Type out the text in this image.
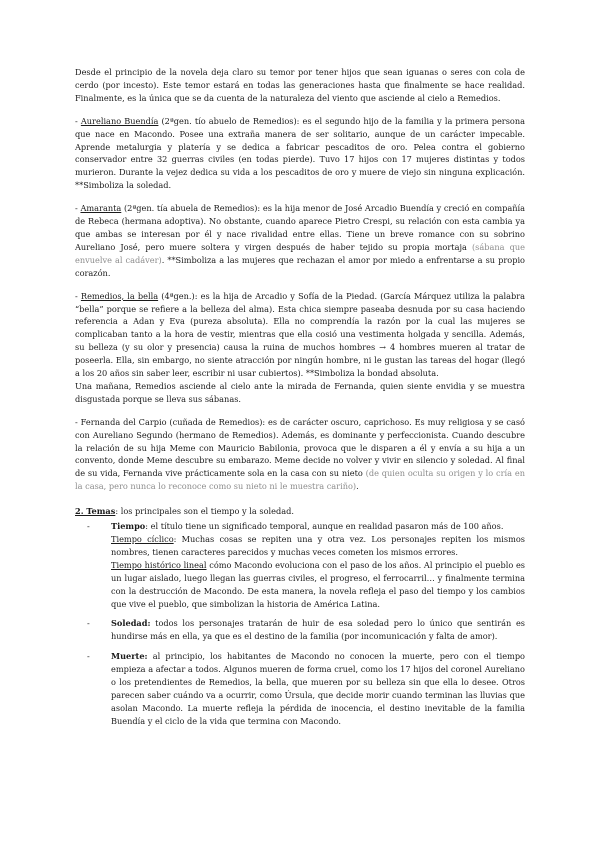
Desde el principio de la novela deja claro su temor por tener hijos que sean iguanas o seres con cola de cerdo (por incesto). Este temor estará en todas las generaciones hasta que finalmente se hace realidad. Finalmente, es la única que se da cuenta de la naturaleza del viento que asciende al cielo a Remedios.

- Aureliano Buendía (2ªgen. tío abuelo de Remedios): es el segundo hijo de la familia y la primera persona que nace en Macondo. Posee una extraña manera de ser solitario, aunque de un carácter impecable. Aprende metalurgia y platería y se dedica a fabricar pescaditos de oro. Pelea contra el gobierno conservador entre 32 guerras civiles (en todas pierde). Tuvo 17 hijos con 17 mujeres distintas y todos murieron. Durante la vejez dedica su vida a los pescaditos de oro y muere de viejo sin ninguna explicación. **Simboliza la soledad.

- Amaranta (2ªgen. tía abuela de Remedios): es la hija menor de José Arcadio Buendía y creció en compañía de Rebeca (hermana adoptiva). No obstante, cuando aparece Pietro Crespi, su relación con esta cambia ya que ambas se interesan por él y nace rivalidad entre ellas. Tiene un breve romance con su sobrino Aureliano José, pero muere soltera y virgen después de haber tejido su propia mortaja (sábana que envuelve al cadáver). **Simboliza a las mujeres que rechazan el amor por miedo a enfrentarse a su propio corazón.

- Remedios, la bella (4ªgen.): es la hija de Arcadio y Sofía de la Piedad. (García Márquez utiliza la palabra “bella” porque se refiere a la belleza del alma). Esta chica siempre paseaba desnuda por su casa haciendo referencia a Adan y Eva (pureza absoluta). Ella no comprendía la razón por la cual las mujeres se complicaban tanto a la hora de vestir, mientras que ella cosió una vestimenta holgada y sencilla. Además, su belleza (y su olor y presencia) causa la ruina de muchos hombres → 4 hombres mueren al tratar de poseerla. Ella, sin embargo, no siente atracción por ningún hombre, ni le gustan las tareas del hogar (llegó a los 20 años sin saber leer, escribir ni usar cubiertos). **Simboliza la bondad absoluta.

Una mañana, Remedios asciende al cielo ante la mirada de Fernanda, quien siente envidia y se muestra disgustada porque se lleva sus sábanas.

- Fernanda del Carpio (cuñada de Remedios): es de carácter oscuro, caprichoso. Es muy religiosa y se casó con Aureliano Segundo (hermano de Remedios). Además, es dominante y perfeccionista. Cuando descubre la relación de su hija Meme con Mauricio Babilonia, provoca que le disparen a él y envía a su hija a un convento, donde Meme descubre su embarazo. Meme decide no volver y vivir en silencio y soledad. Al final de su vida, Fernanda vive prácticamente sola en la casa con su nieto (de quien oculta su origen y lo cría en la casa, pero nunca lo reconoce como su nieto ni le muestra cariño).

2. Temas: los principales son el tiempo y la soledad.

-	Tiempo: el título tiene un significado temporal, aunque en realidad pasaron más de 100 años.

Tiempo cíclico: Muchas cosas se repiten una y otra vez. Los personajes repiten los mismos nombres, tienen caracteres parecidos y muchas veces cometen los mismos errores.

Tiempo histórico lineal cómo Macondo evoluciona con el paso de los años. Al principio el pueblo es un lugar aislado, luego llegan las guerras civiles, el progreso, el ferrocarril… y finalmente termina con la destrucción de Macondo. De esta manera, la novela refleja el paso del tiempo y los cambios que vive el pueblo, que simbolizan la historia de América Latina.

-	Soledad: todos los personajes tratarán de huir de esa soledad pero lo único que sentirán es hundirse más en ella, ya que es el destino de la familia (por incomunicación y falta de amor).

-	Muerte: al principio, los habitantes de Macondo no conocen la muerte, pero con el tiempo empieza a afectar a todos. Algunos mueren de forma cruel, como los 17 hijos del coronel Aureliano o los pretendientes de Remedios, la bella, que mueren por su belleza sin que ella lo desee. Otros parecen saber cuándo va a ocurrir, como Úrsula, que decide morir cuando terminan las lluvias que asolan Macondo. La muerte refleja la pérdida de inocencia, el destino inevitable de la familia Buendía y el ciclo de la vida que termina con Macondo.
